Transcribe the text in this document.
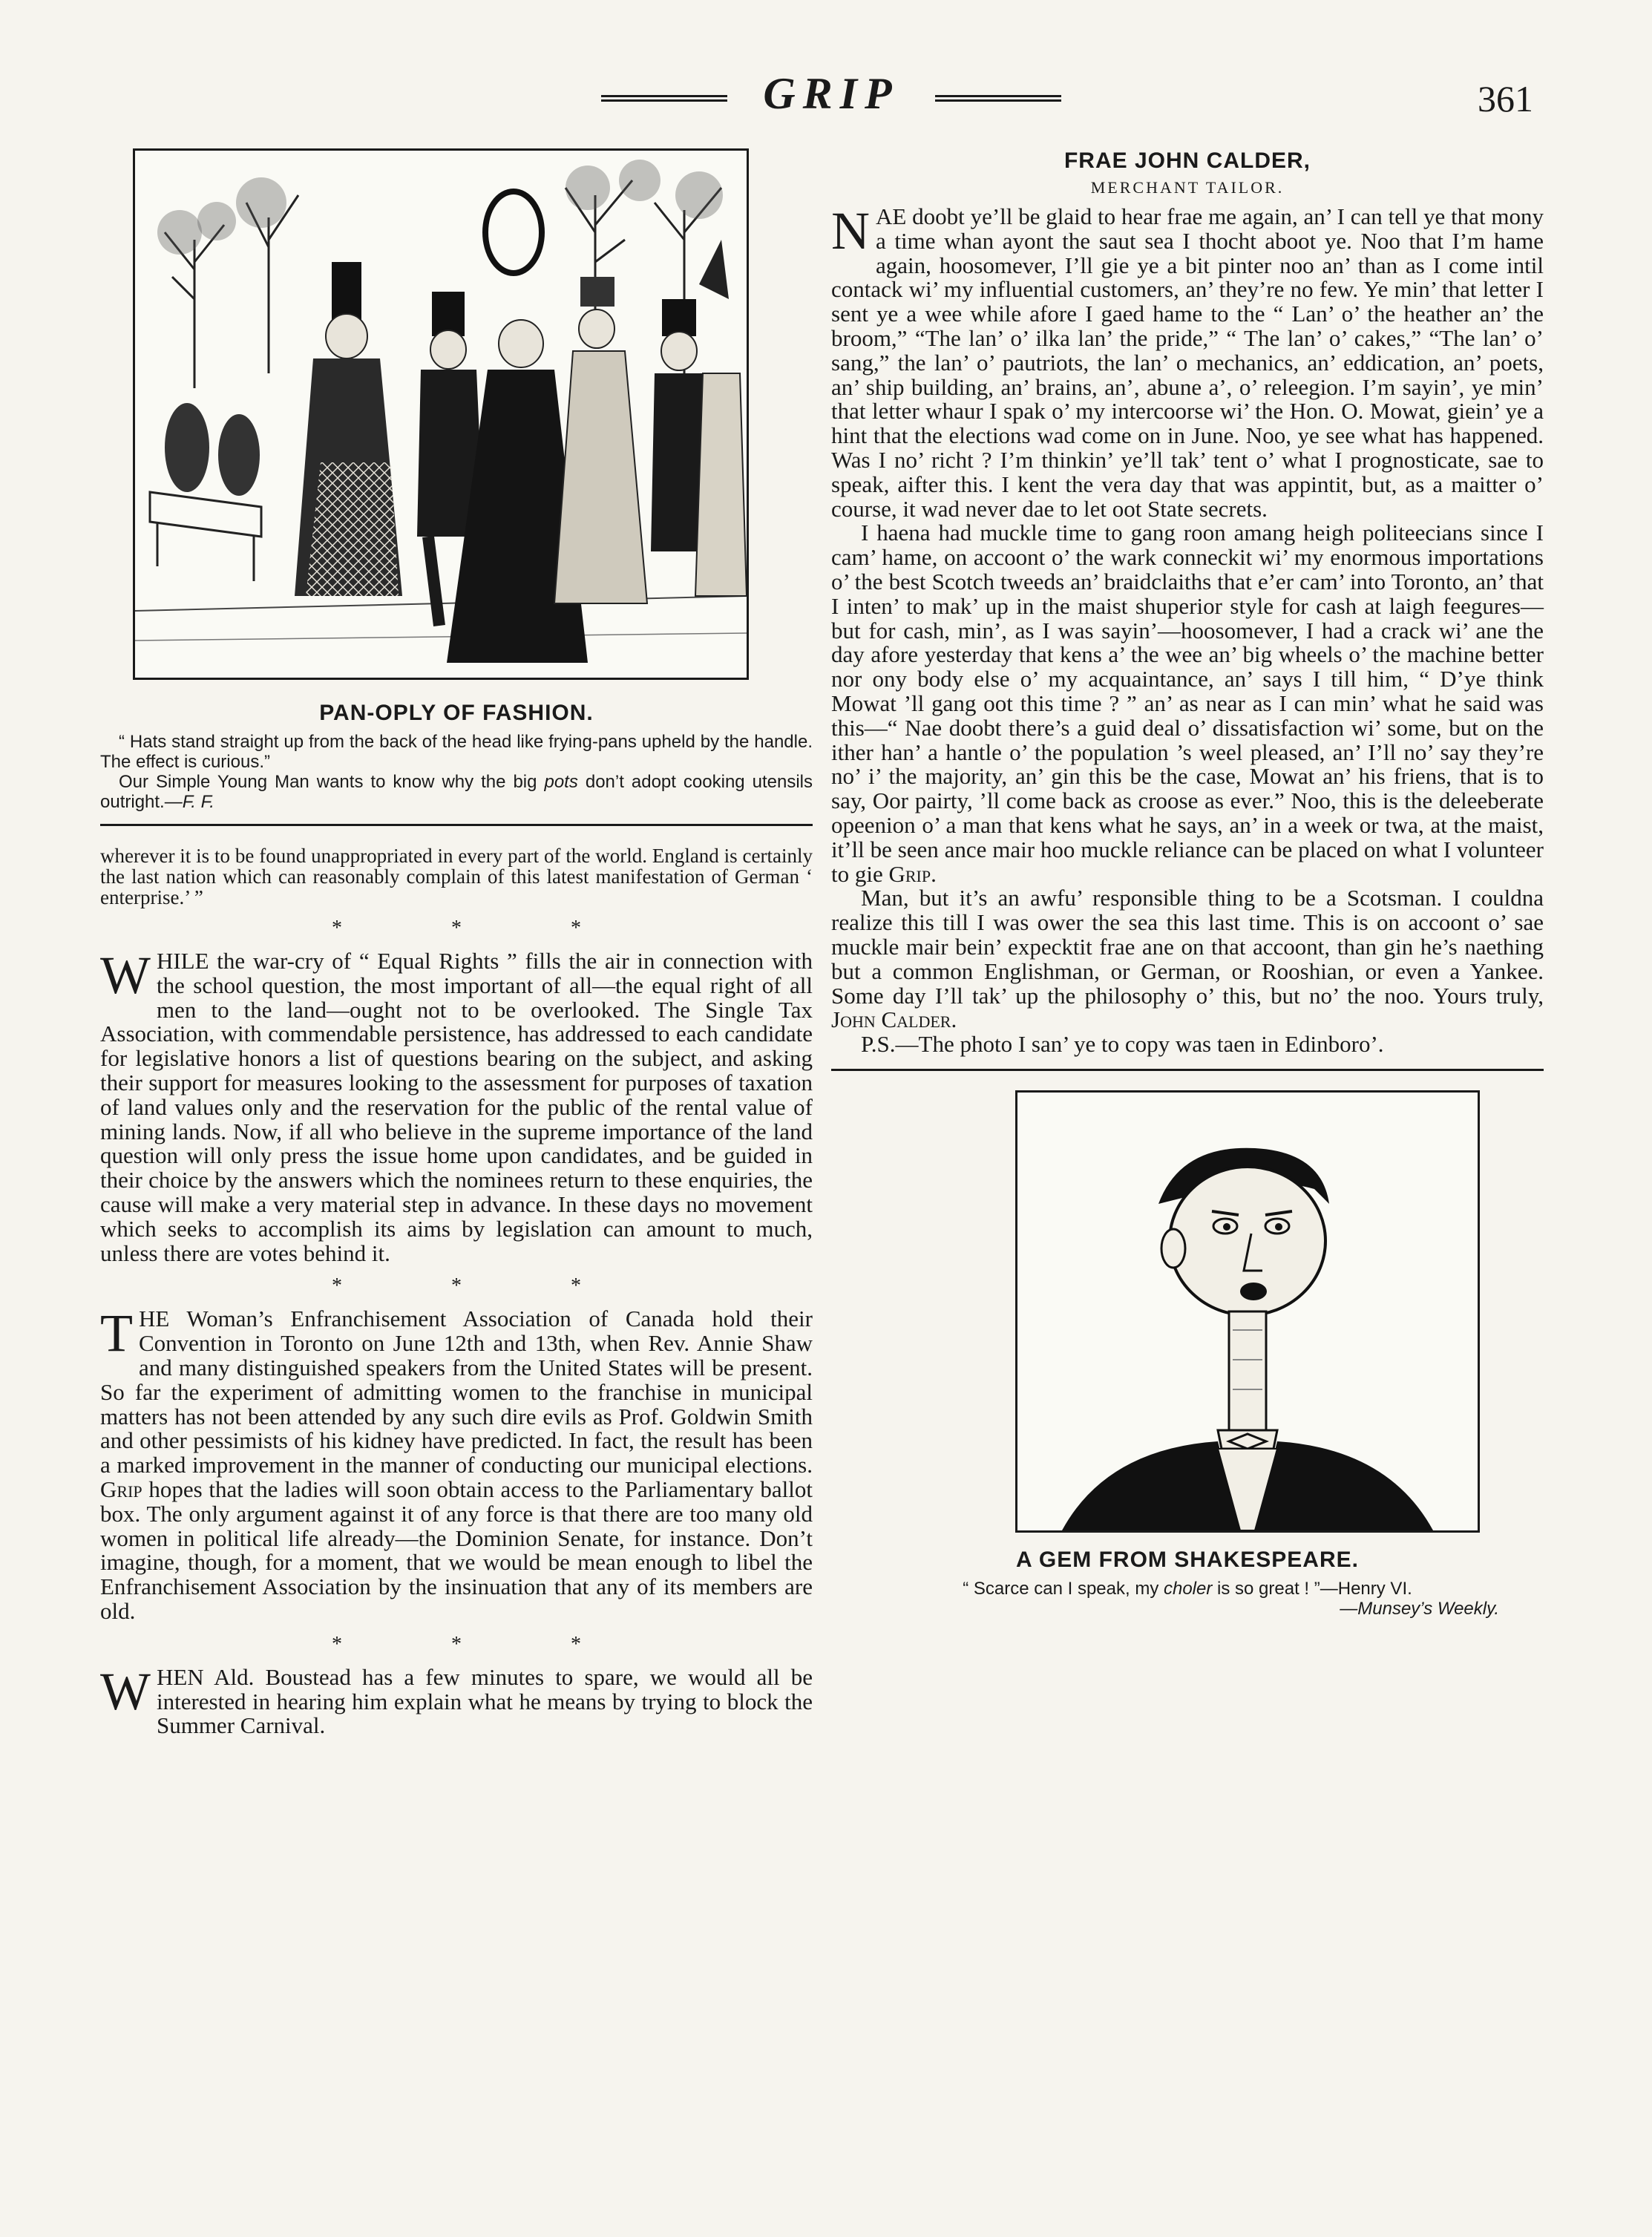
GRIP	361
PAN-OPLY OF FASHION.

“ Hats stand straight up from the back of the head like frying-pans upheld by the handle. The effect is curious.”

Our Simple Young Man wants to know why the big pots don’t adopt cooking utensils outright.—F. F.

wherever it is to be found unappropriated in every part of the world. England is certainly the last nation which can reasonably complain of this latest manifestation of German ‘ enterprise.’ ”

* * *

WHILE the war-cry of “ Equal Rights ” fills the air in connection with the school question, the most important of all—the equal right of all men to the land—ought not to be overlooked. The Single Tax Association, with commendable persistence, has addressed to each candidate for legislative honors a list of questions bearing on the subject, and asking their support for measures looking to the assessment for purposes of taxation of land values only and the reservation for the public of the rental value of mining lands. Now, if all who believe in the supreme importance of the land question will only press the issue home upon candidates, and be guided in their choice by the answers which the nominees return to these enquiries, the cause will make a very material step in advance. In these days no movement which seeks to accomplish its aims by legislation can amount to much, unless there are votes behind it.

* * *

THE Woman’s Enfranchisement Association of Canada hold their Convention in Toronto on June 12th and 13th, when Rev. Annie Shaw and many distinguished speakers from the United States will be present. So far the experiment of admitting women to the franchise in municipal matters has not been attended by any such dire evils as Prof. Goldwin Smith and other pessimists of his kidney have predicted. In fact, the result has been a marked improvement in the manner of conducting our municipal elections. Grip hopes that the ladies will soon obtain access to the Parliamentary ballot box. The only argument against it of any force is that there are too many old women in political life already—the Dominion Senate, for instance. Don’t imagine, though, for a moment, that we would be mean enough to libel the Enfranchisement Association by the insinuation that any of its members are old.

* * *

WHEN Ald. Boustead has a few minutes to spare, we would all be interested in hearing him explain what he means by trying to block the Summer Carnival.

FRAE JOHN CALDER,
MERCHANT TAILOR.

NAE doobt ye’ll be glaid to hear frae me again, an’ I can tell ye that mony a time whan ayont the saut sea I thocht aboot ye. Noo that I’m hame again, hoosomever, I’ll gie ye a bit pinter noo an’ than as I come intil contack wi’ my influential customers, an’ they’re no few. Ye min’ that letter I sent ye a wee while afore I gaed hame to the “ Lan’ o’ the heather an’ the broom,” “The lan’ o’ ilka lan’ the pride,” “ The lan’ o’ cakes,” “The lan’ o’ sang,” the lan’ o’ pautriots, the lan’ o mechanics, an’ eddication, an’ poets, an’ ship building, an’ brains, an’, abune a’, o’ releegion. I’m sayin’, ye min’ that letter whaur I spak o’ my intercoorse wi’ the Hon. O. Mowat, giein’ ye a hint that the elections wad come on in June. Noo, ye see what has happened. Was I no’ richt ? I’m thinkin’ ye’ll tak’ tent o’ what I prognosticate, sae to speak, aifter this. I kent the vera day that was appintit, but, as a maitter o’ course, it wad never dae to let oot State secrets.

I haena had muckle time to gang roon amang heigh politeecians since I cam’ hame, on accoont o’ the wark conneckit wi’ my enormous importations o’ the best Scotch tweeds an’ braidclaiths that e’er cam’ into Toronto, an’ that I inten’ to mak’ up in the maist shuperior style for cash at laigh feegures—but for cash, min’, as I was sayin’—hoosomever, I had a crack wi’ ane the day afore yesterday that kens a’ the wee an’ big wheels o’ the machine better nor ony body else o’ my acquaintance, an’ says I till him, “ D’ye think Mowat ’ll gang oot this time ? ” an’ as near as I can min’ what he said was this—“ Nae doobt there’s a guid deal o’ dissatisfaction wi’ some, but on the ither han’ a hantle o’ the population ’s weel pleased, an’ I’ll no’ say they’re no’ i’ the majority, an’ gin this be the case, Mowat an’ his friens, that is to say, Oor pairty, ’ll come back as croose as ever.” Noo, this is the deleeberate opeenion o’ a man that kens what he says, an’ in a week or twa, at the maist, it’ll be seen ance mair hoo muckle reliance can be placed on what I volunteer to gie Grip.

Man, but it’s an awfu’ responsible thing to be a Scotsman. I couldna realize this till I was ower the sea this last time. This is on accoont o’ sae muckle mair bein’ expecktit frae ane on that accoont, than gin he’s naething but a common Englishman, or German, or Rooshian, or even a Yankee. Some day I’ll tak’ up the philosophy o’ this, but no’ the noo. Yours truly, John Calder.

P.S.—The photo I san’ ye to copy was taen in Edinboro’.

A GEM FROM SHAKESPEARE.

“ Scarce can I speak, my choler is so great ! ”—Henry VI.

—Munsey’s Weekly.
